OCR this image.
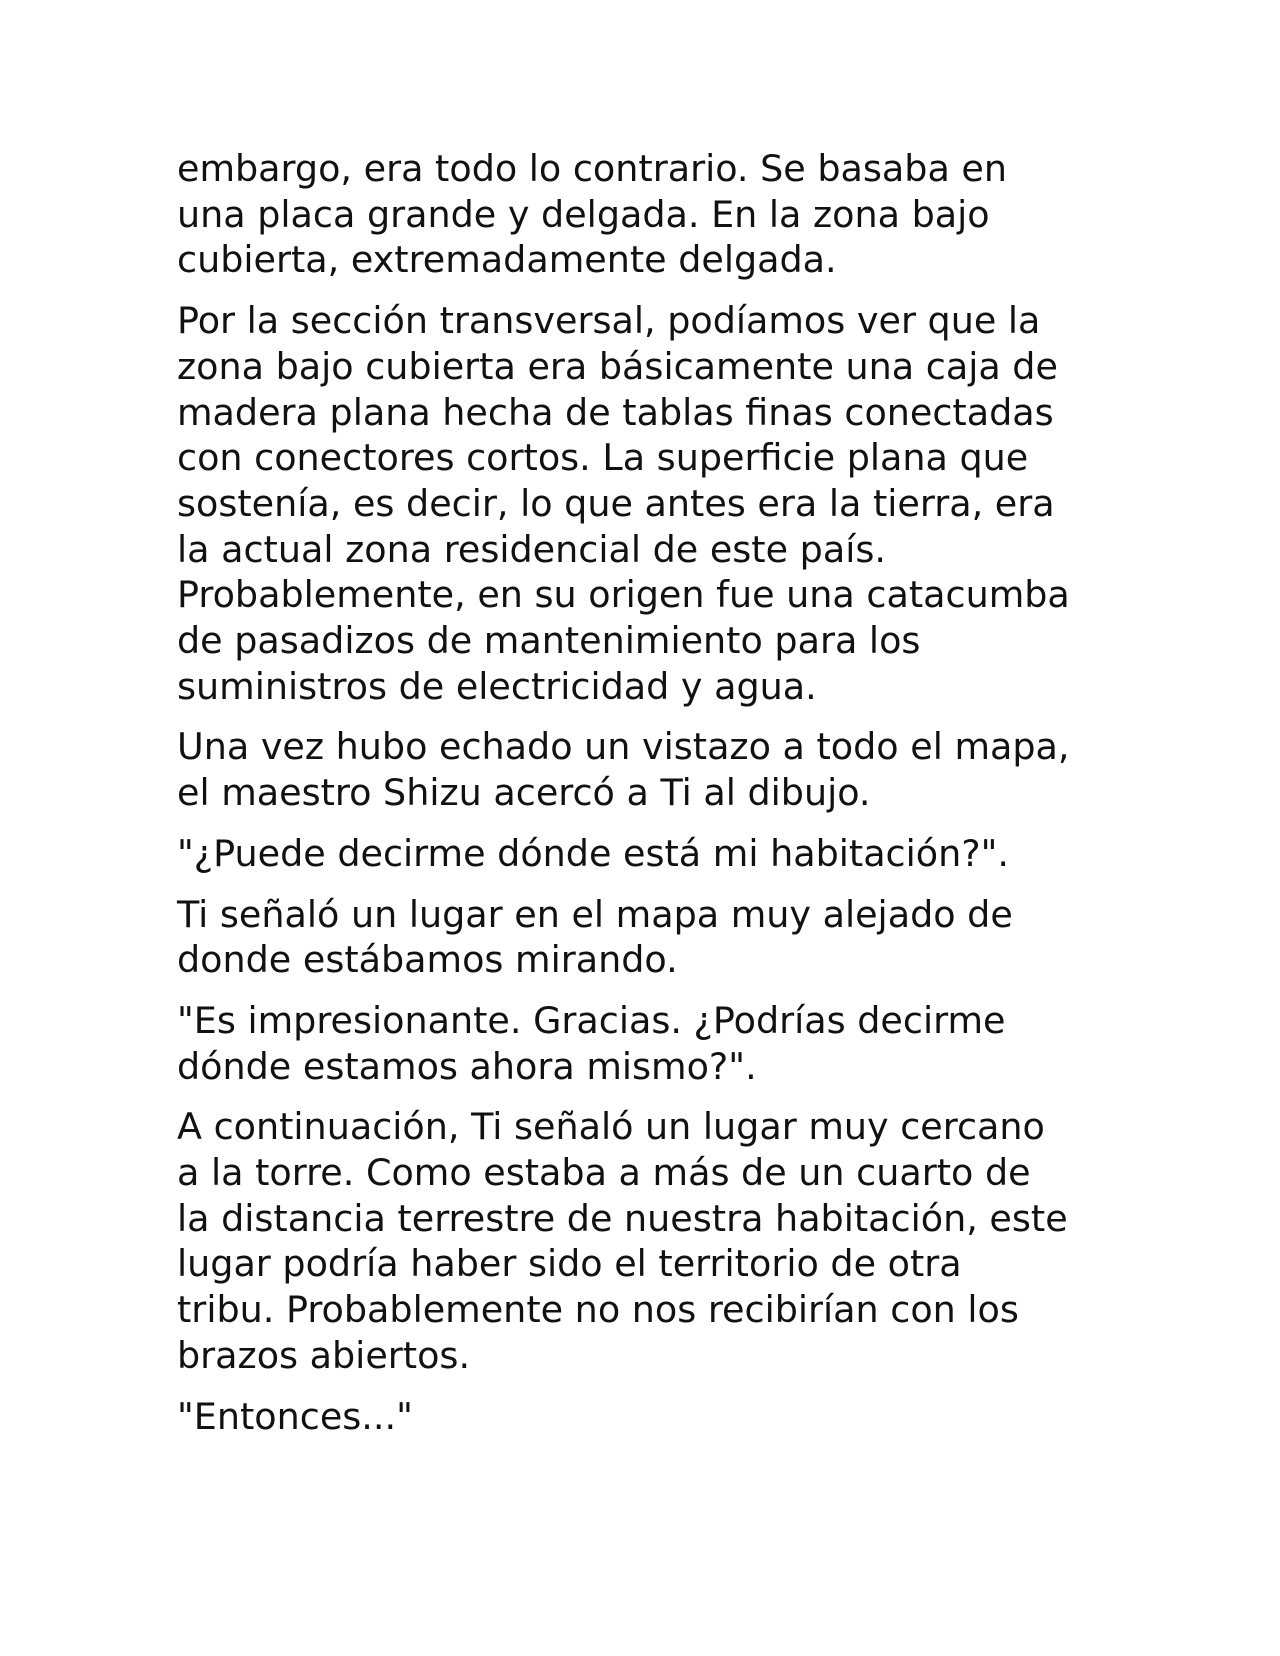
embargo, era todo lo contrario. Se basaba en
una placa grande y delgada. En la zona bajo
cubierta, extremadamente delgada.

Por la sección transversal, podíamos ver que la
zona bajo cubierta era básicamente una caja de
madera plana hecha de tablas finas conectadas
con conectores cortos. La superficie plana que
sostenía, es decir, lo que antes era la tierra, era
la actual zona residencial de este país.
Probablemente, en su origen fue una catacumba
de pasadizos de mantenimiento para los
suministros de electricidad y agua.

Una vez hubo echado un vistazo a todo el mapa,
el maestro Shizu acercó a Ti al dibujo.

"¿Puede decirme dónde está mi habitación?".

Ti señaló un lugar en el mapa muy alejado de
donde estábamos mirando.

"Es impresionante. Gracias. ¿Podrías decirme
dónde estamos ahora mismo?".

A continuación, Ti señaló un lugar muy cercano
a la torre. Como estaba a más de un cuarto de
la distancia terrestre de nuestra habitación, este
lugar podría haber sido el territorio de otra
tribu. Probablemente no nos recibirían con los
brazos abiertos.

"Entonces..."
